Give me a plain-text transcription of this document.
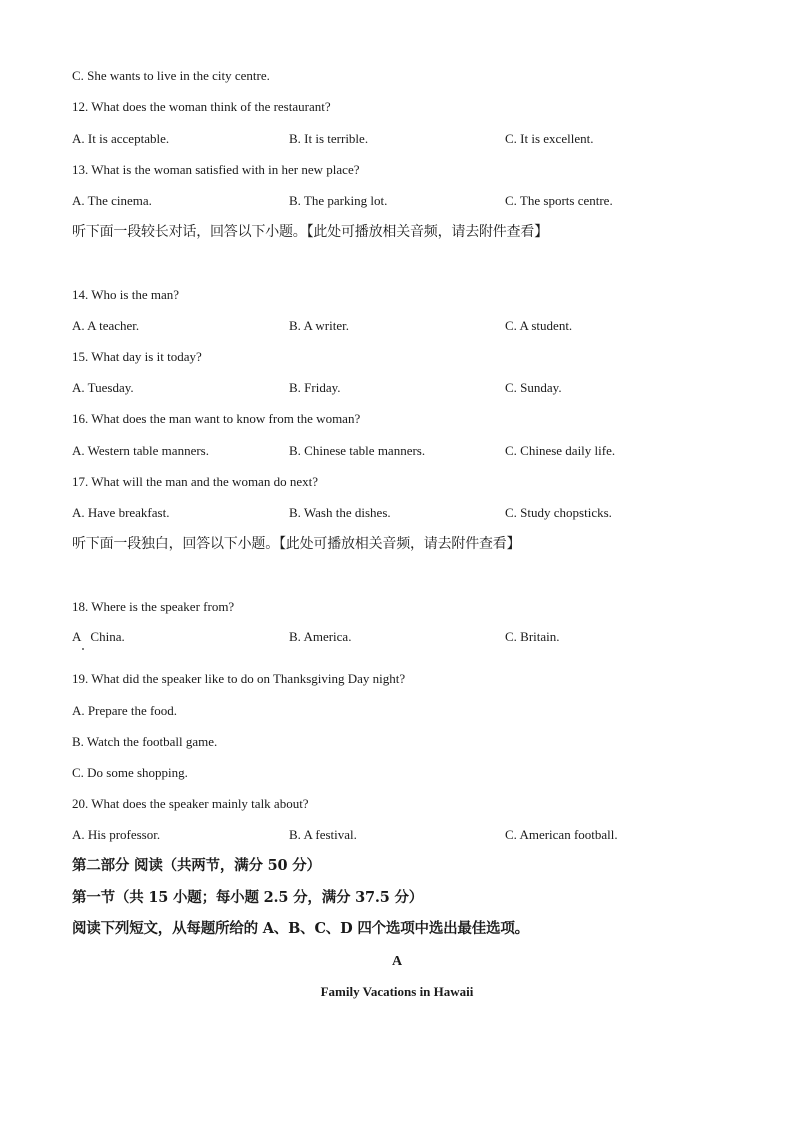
C. She wants to live in the city centre.
12. What does the woman think of the restaurant?
A. It is acceptable.	B. It is terrible.	C. It is excellent.
13. What is the woman satisfied with in her new place?
A. The cinema.	B. The parking lot.	C. The sports centre.
听下面一段较长对话，回答以下小题。【此处可播放相关音频，请去附件查看】
14. Who is the man?
A. A teacher.	B. A writer.	C. A student.
15. What day is it today?
A. Tuesday.	B. Friday.	C. Sunday.
16. What does the man want to know from the woman?
A. Western table manners.	B. Chinese table manners.	C. Chinese daily life.
17. What will the man and the woman do next?
A. Have breakfast.	B. Wash the dishes.	C. Study chopsticks.
听下面一段独白，回答以下小题。【此处可播放相关音频，请去附件查看】
18. Where is the speaker from?
A   China.	B. America.	C. Britain.
19. What did the speaker like to do on Thanksgiving Day night?
A. Prepare the food.
B. Watch the football game.
C. Do some shopping.
20. What does the speaker mainly talk about?
A. His professor.	B. A festival.	C. American football.
第二部分 阅读（共两节，满分 50 分）
第一节（共 15 小题；每小题 2.5 分，满分 37.5 分）
阅读下列短文，从每题所给的 A、B、C、D 四个选项中选出最佳选项。
A
Family Vacations in Hawaii
